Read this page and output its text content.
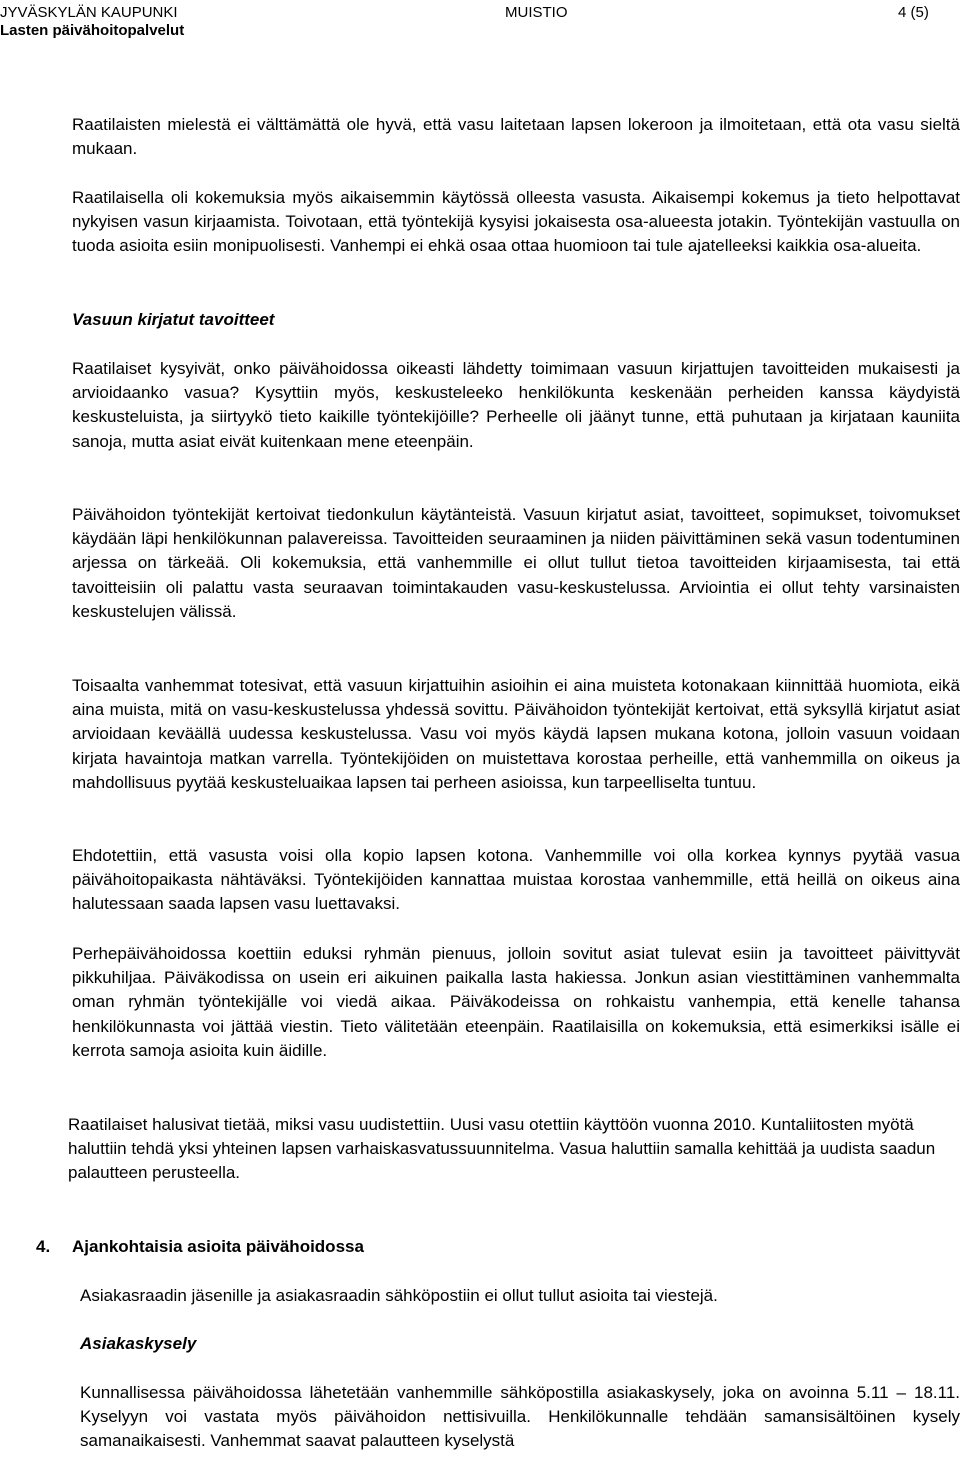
JYVÄSKYLÄN KAUPUNKI
Lasten päivähoitopalvelut
MUISTIO	4 (5)

Raatilaisten mielestä ei välttämättä ole hyvä, että vasu laitetaan lapsen lokeroon ja ilmoitetaan, että ota vasu sieltä mukaan.

Raatilaisella oli kokemuksia myös aikaisemmin käytössä olleesta vasusta. Aikaisempi kokemus ja tieto helpottavat nykyisen vasun kirjaamista. Toivotaan, että työntekijä kysyisi jokaisesta osa-alueesta jotakin. Työntekijän vastuulla on tuoda asioita esiin monipuolisesti. Vanhempi ei ehkä osaa ottaa huomioon tai tule ajatelleeksi kaikkia osa-alueita.

Vasuun kirjatut tavoitteet

Raatilaiset kysyivät, onko päivähoidossa oikeasti lähdetty toimimaan vasuun kirjattujen tavoitteiden mukaisesti ja arvioidaanko vasua? Kysyttiin myös, keskusteleeko henkilökunta keskenään perheiden kanssa käydyistä keskusteluista, ja siirtyykö tieto kaikille työntekijöille? Perheelle oli jäänyt tunne, että puhutaan ja kirjataan kauniita sanoja, mutta asiat eivät kuitenkaan mene eteenpäin.

Päivähoidon työntekijät kertoivat tiedonkulun käytänteistä. Vasuun kirjatut asiat, tavoitteet, sopimukset, toivomukset käydään läpi henkilökunnan palavereissa. Tavoitteiden seuraaminen ja niiden päivittäminen sekä vasun todentuminen arjessa on tärkeää. Oli kokemuksia, että vanhemmille ei ollut tullut tietoa tavoitteiden kirjaamisesta, tai että tavoitteisiin oli palattu vasta seuraavan toimintakauden vasu-keskustelussa. Arviointia ei ollut tehty varsinaisten keskustelujen välissä.

Toisaalta vanhemmat totesivat, että vasuun kirjattuihin asioihin ei aina muisteta kotonakaan kiinnittää huomiota, eikä aina muista, mitä on vasu-keskustelussa yhdessä sovittu. Päivähoidon työntekijät kertoivat, että syksyllä kirjatut asiat arvioidaan keväällä uudessa keskustelussa. Vasu voi myös käydä lapsen mukana kotona, jolloin vasuun voidaan kirjata havaintoja matkan varrella. Työntekijöiden on muistettava korostaa perheille, että vanhemmilla on oikeus ja mahdollisuus pyytää keskusteluaikaa lapsen tai perheen asioissa, kun tarpeelliselta tuntuu.

Ehdotettiin, että vasusta voisi olla kopio lapsen kotona. Vanhemmille voi olla korkea kynnys pyytää vasua päivähoitopaikasta nähtäväksi. Työntekijöiden kannattaa muistaa korostaa vanhemmille, että heillä on oikeus aina halutessaan saada lapsen vasu luettavaksi.

Perhepäivähoidossa koettiin eduksi ryhmän pienuus, jolloin sovitut asiat tulevat esiin ja tavoitteet päivittyvät pikkuhiljaa. Päiväkodissa on usein eri aikuinen paikalla lasta hakiessa. Jonkun asian viestittäminen vanhemmalta oman ryhmän työntekijälle voi viedä aikaa. Päiväkodeissa on rohkaistu vanhempia, että kenelle tahansa henkilökunnasta voi jättää viestin. Tieto välitetään eteenpäin. Raatilaisilla on kokemuksia, että esimerkiksi isälle ei kerrota samoja asioita kuin äidille.

Raatilaiset halusivat tietää, miksi vasu uudistettiin. Uusi vasu otettiin käyttöön vuonna 2010. Kuntaliitosten myötä haluttiin tehdä yksi yhteinen lapsen varhaiskasvatussuunnitelma. Vasua haluttiin samalla kehittää ja uudista saadun palautteen perusteella.

4. Ajankohtaisia asioita päivähoidossa

Asiakasraadin jäsenille ja asiakasraadin sähköpostiin ei ollut tullut asioita tai viestejä.

Asiakaskysely

Kunnallisessa päivähoidossa lähetetään vanhemmille sähköpostilla asiakaskysely, joka on avoinna 5.11 – 18.11. Kyselyyn voi vastata myös päivähoidon nettisivuilla. Henkilökunnalle tehdään samansisältöinen kysely samanaikaisesti. Vanhemmat saavat palautteen kyselystä
